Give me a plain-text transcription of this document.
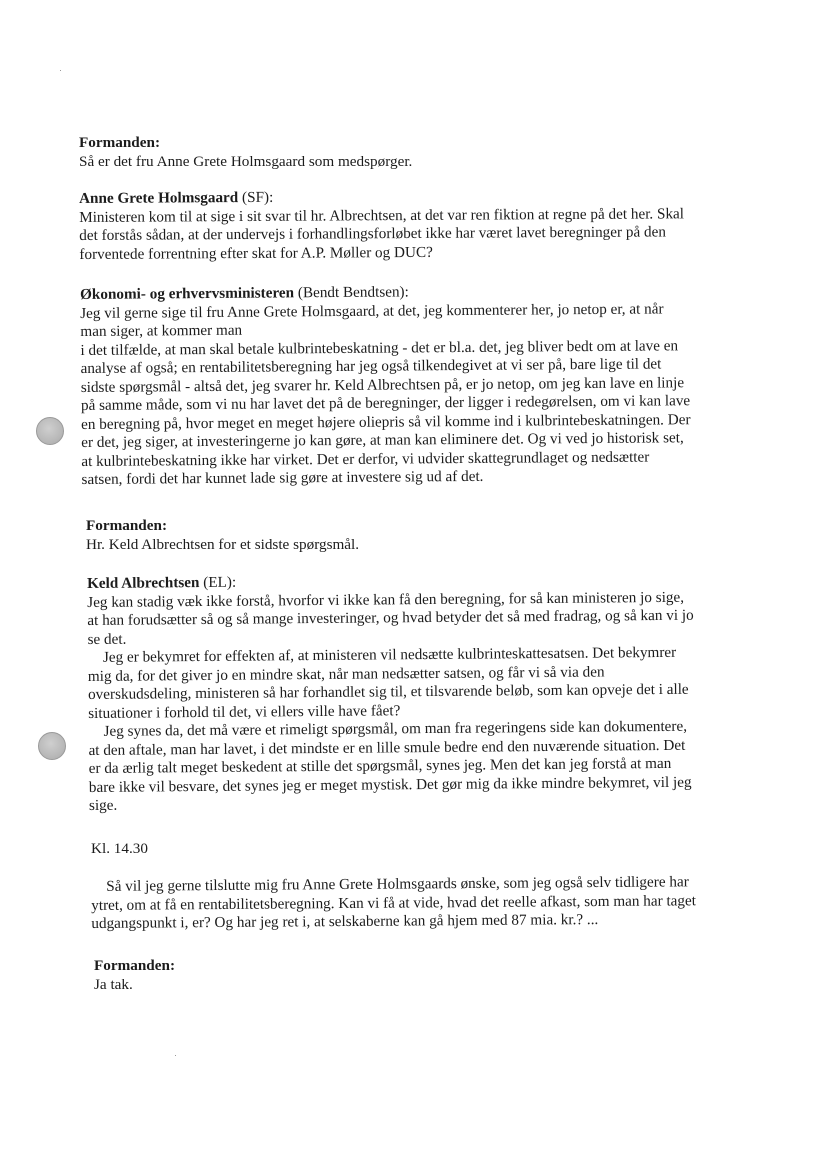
Formanden:
Så er det fru Anne Grete Holmsgaard som medspørger.
Anne Grete Holmsgaard (SF):
Ministeren kom til at sige i sit svar til hr. Albrechtsen, at det var ren fiktion at regne på det her. Skal
det forstås sådan, at der undervejs i forhandlingsforløbet ikke har været lavet beregninger på den
forventede forrentning efter skat for A.P. Møller og DUC?
Økonomi- og erhvervsministeren (Bendt Bendtsen):
Jeg vil gerne sige til fru Anne Grete Holmsgaard, at det, jeg kommenterer her, jo netop er, at når
man siger, at kommer man
i det tilfælde, at man skal betale kulbrintebeskatning - det er bl.a. det, jeg bliver bedt om at lave en
analyse af også; en rentabilitetsberegning har jeg også tilkendegivet at vi ser på, bare lige til det
sidste spørgsmål - altså det, jeg svarer hr. Keld Albrechtsen på, er jo netop, om jeg kan lave en linje
på samme måde, som vi nu har lavet det på de beregninger, der ligger i redegørelsen, om vi kan lave
en beregning på, hvor meget en meget højere oliepris så vil komme ind i kulbrintebeskatningen. Der
er det, jeg siger, at investeringerne jo kan gøre, at man kan eliminere det. Og vi ved jo historisk set,
at kulbrintebeskatning ikke har virket. Det er derfor, vi udvider skattegrundlaget og nedsætter
satsen, fordi det har kunnet lade sig gøre at investere sig ud af det.
Formanden:
Hr. Keld Albrechtsen for et sidste spørgsmål.
Keld Albrechtsen (EL):
Jeg kan stadig væk ikke forstå, hvorfor vi ikke kan få den beregning, for så kan ministeren jo sige,
at han forudsætter så og så mange investeringer, og hvad betyder det så med fradrag, og så kan vi jo
se det.
Jeg er bekymret for effekten af, at ministeren vil nedsætte kulbrinteskattesatsen. Det bekymrer
mig da, for det giver jo en mindre skat, når man nedsætter satsen, og får vi så via den
overskudsdeling, ministeren så har forhandlet sig til, et tilsvarende beløb, som kan opveje det i alle
situationer i forhold til det, vi ellers ville have fået?
Jeg synes da, det må være et rimeligt spørgsmål, om man fra regeringens side kan dokumentere,
at den aftale, man har lavet, i det mindste er en lille smule bedre end den nuværende situation. Det
er da ærlig talt meget beskedent at stille det spørgsmål, synes jeg. Men det kan jeg forstå at man
bare ikke vil besvare, det synes jeg er meget mystisk. Det gør mig da ikke mindre bekymret, vil jeg
sige.
Kl. 14.30
Så vil jeg gerne tilslutte mig fru Anne Grete Holmsgaards ønske, som jeg også selv tidligere har
ytret, om at få en rentabilitetsberegning. Kan vi få at vide, hvad det reelle afkast, som man har taget
udgangspunkt i, er? Og har jeg ret i, at selskaberne kan gå hjem med 87 mia. kr.? ...
Formanden:
Ja tak.
